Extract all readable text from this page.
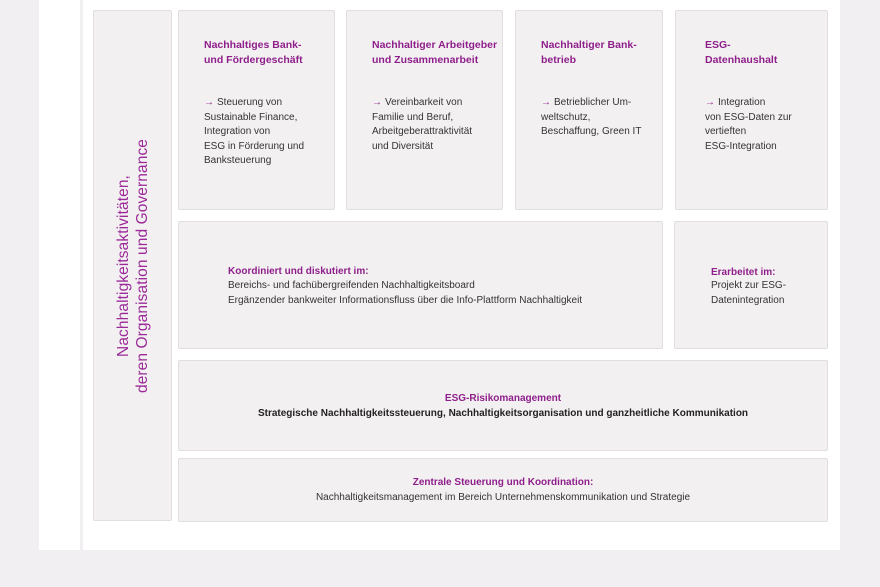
Nachhaltigkeitsaktivitäten, deren Organisation und Governance
Nachhaltiges Bank-
und Fördergeschäft
→ Steuerung von
Sustainable Finance,
Integration von
ESG in Förderung und
Banksteuerung
Nachhaltiger Arbeitgeber
und Zusammenarbeit
→ Vereinbarkeit von
Familie und Beruf,
Arbeitgeberattraktivität
und Diversität
Nachhaltiger Bank-
betrieb
→ Betrieblicher Um-
weltschutz,
Beschaffung, Green IT
ESG-
Datenhaushalt
→ Integration
von ESG-Daten zur
vertieften
ESG-Integration
Koordiniert und diskutiert im:
Bereichs- und fachübergreifenden Nachhaltigkeitsboard
Ergänzender bankweiter Informationsfluss über die Info-Plattform Nachhaltigkeit
Erarbeitet im:
Projekt zur ESG-
Datenintegration
ESG-Risikomanagement
Strategische Nachhaltigkeitssteuerung, Nachhaltigkeitsorganisation und ganzheitliche Kommunikation
Zentrale Steuerung und Koordination:
Nachhaltigkeitsmanagement im Bereich Unternehmenskommunikation und Strategie
